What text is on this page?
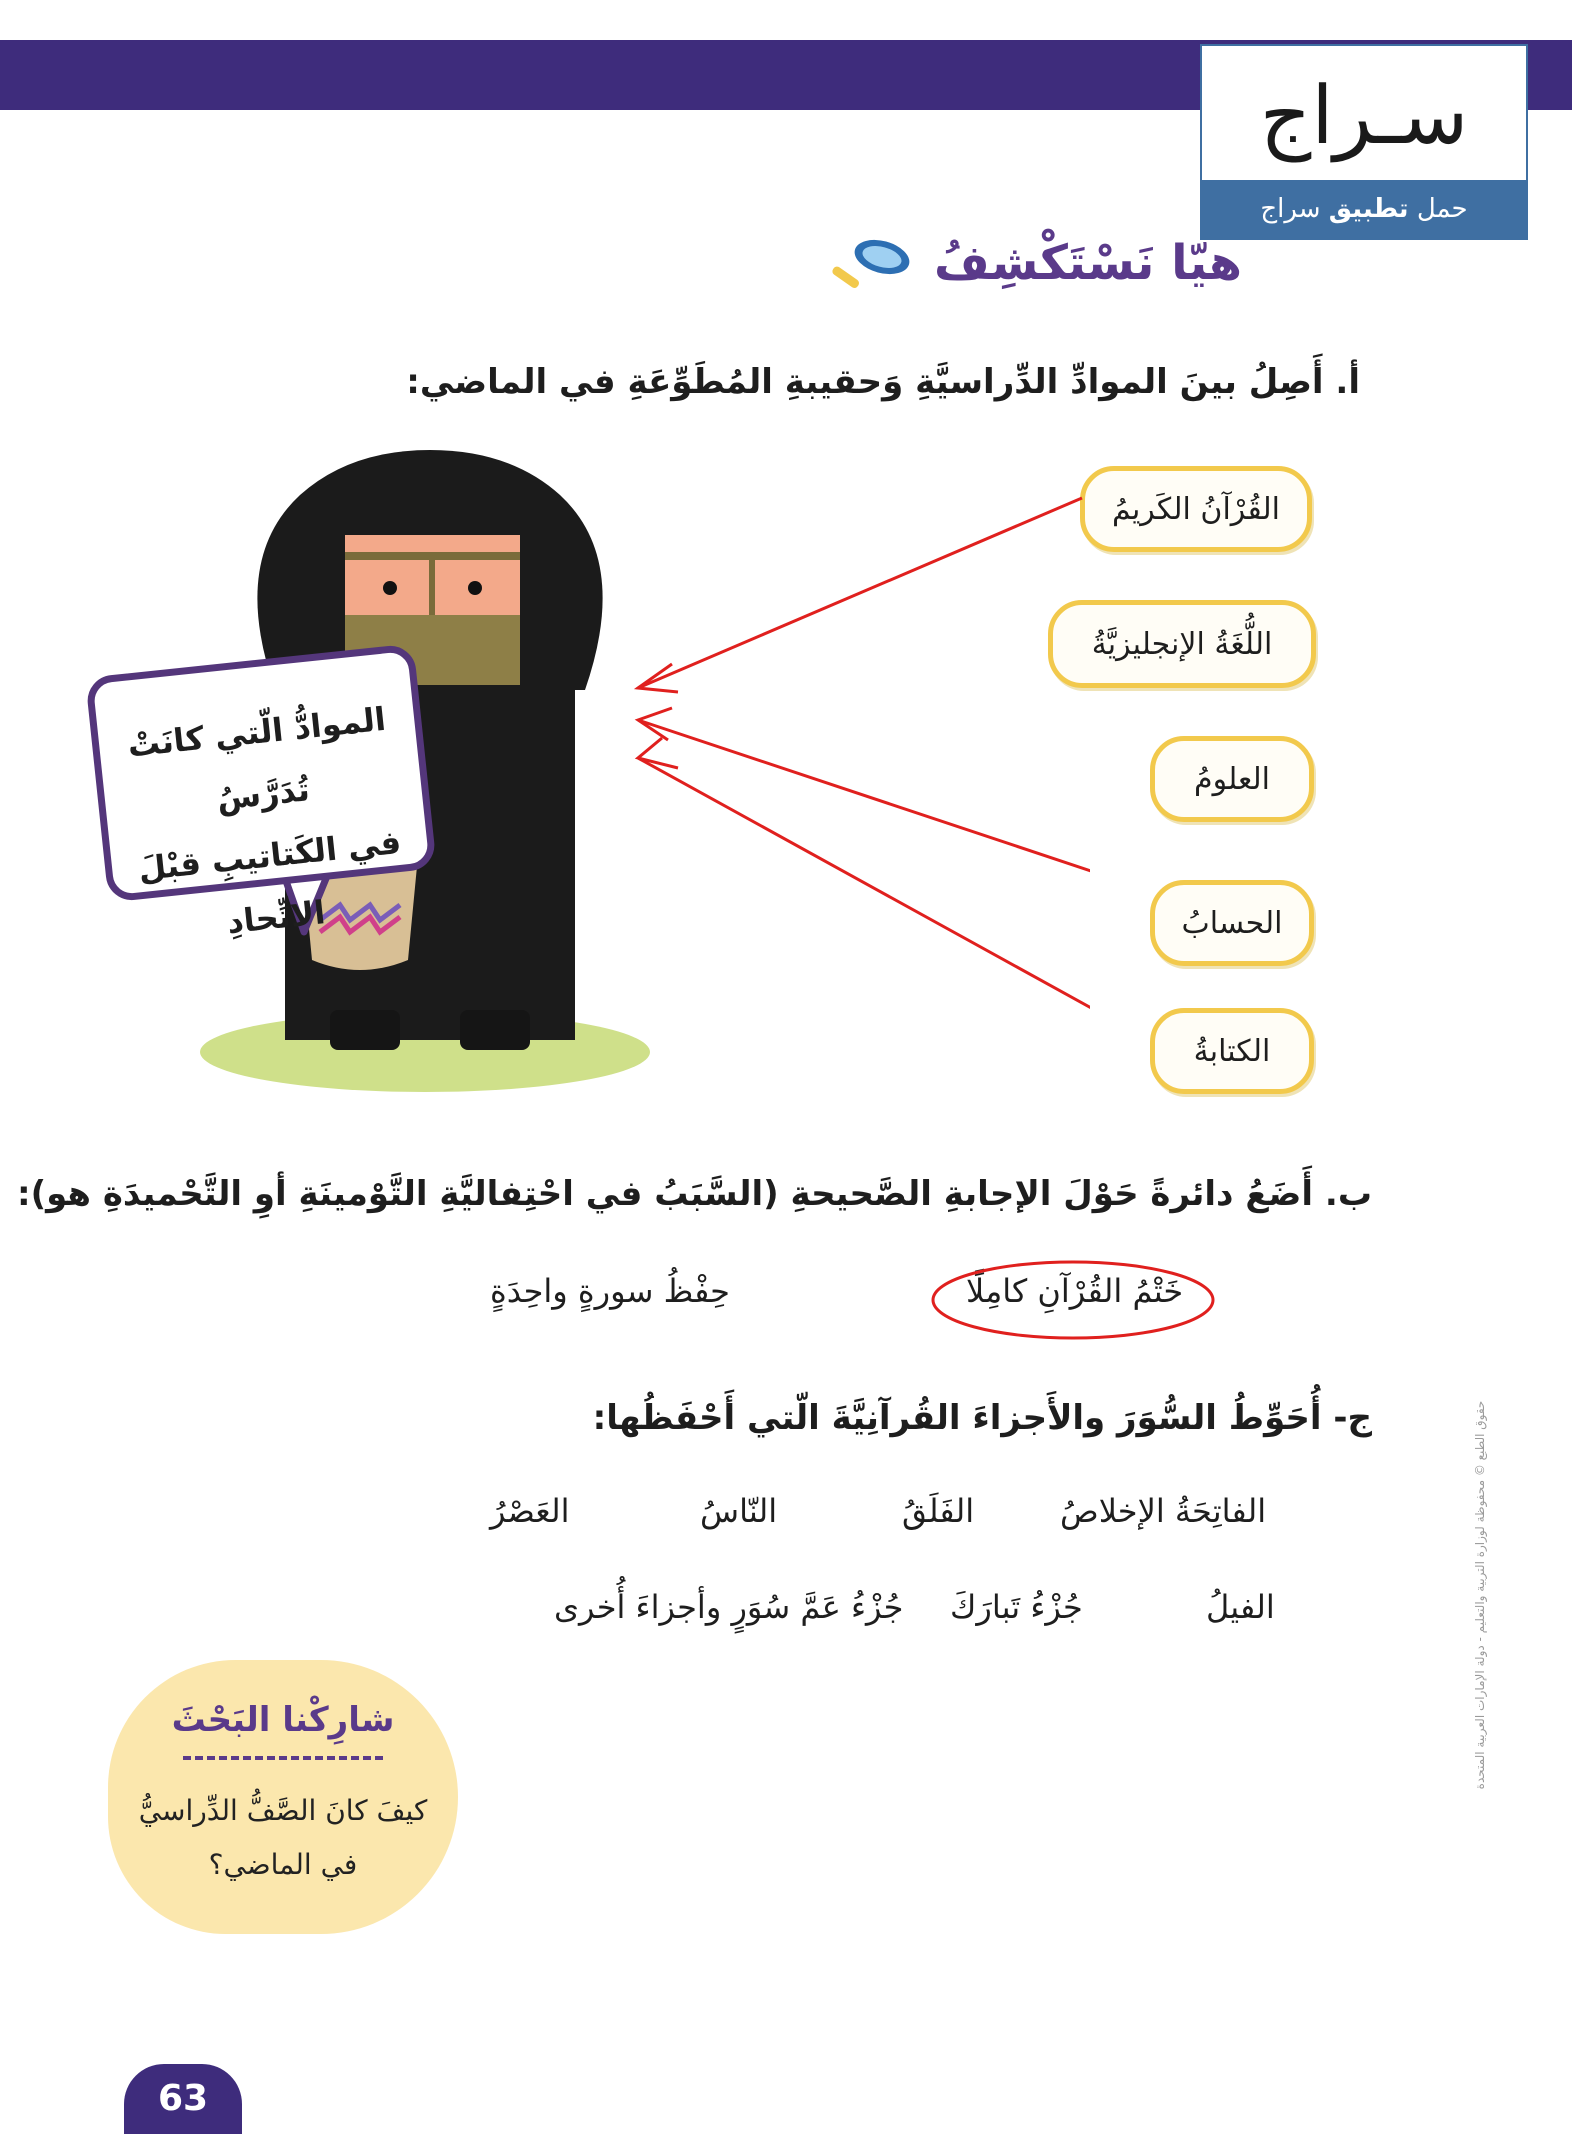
سـراج
حمل تطبيق سراج
هيّا نَسْتَكْشِفُ
أ. أَصِلُ بينَ الموادِّ الدِّراسيَّةِ وَحقيبةِ المُطَوِّعَةِ في الماضي:
الموادُّ الّتي كانَتْ تُدَرَّسُ
في الكَتاتيبِ قبْلَ الاتِّحادِ
القُرْآنُ الكَريمُ
اللُّغَةُ الإنجليزيَّةُ
العلومُ
الحسابُ
الكتابةُ
ب. أَضَعُ دائرةً حَوْلَ الإجابةِ الصَّحيحةِ (السَّبَبُ في احْتِفاليَّةِ التَّوْمينَةِ أوِ التَّحْميدَةِ هو):
خَتْمُ القُرْآنِ كامِلًا
حِفْظُ سورةٍ واحِدَةٍ
ج- أُحَوِّطُ السُّوَرَ والأَجزاءَ القُرآنِيَّةَ الّتي أَحْفَظُها:
الفاتِحَةُ الإخلاصُ
الفَلَقُ
النّاسُ
العَصْرُ
الفيلُ
جُزْءُ تَبارَكَ
جُزْءُ عَمَّ سُوَرٍ وأجزاءَ أُخرى
شارِكْنا البَحْثَ
كيفَ كانَ الصَّفُّ الدِّراسيُّ
في الماضي؟
حقوق الطبع © محفوظة لوزارة التربية والتعليم - دولة الإمارات العربية المتحدة
63
